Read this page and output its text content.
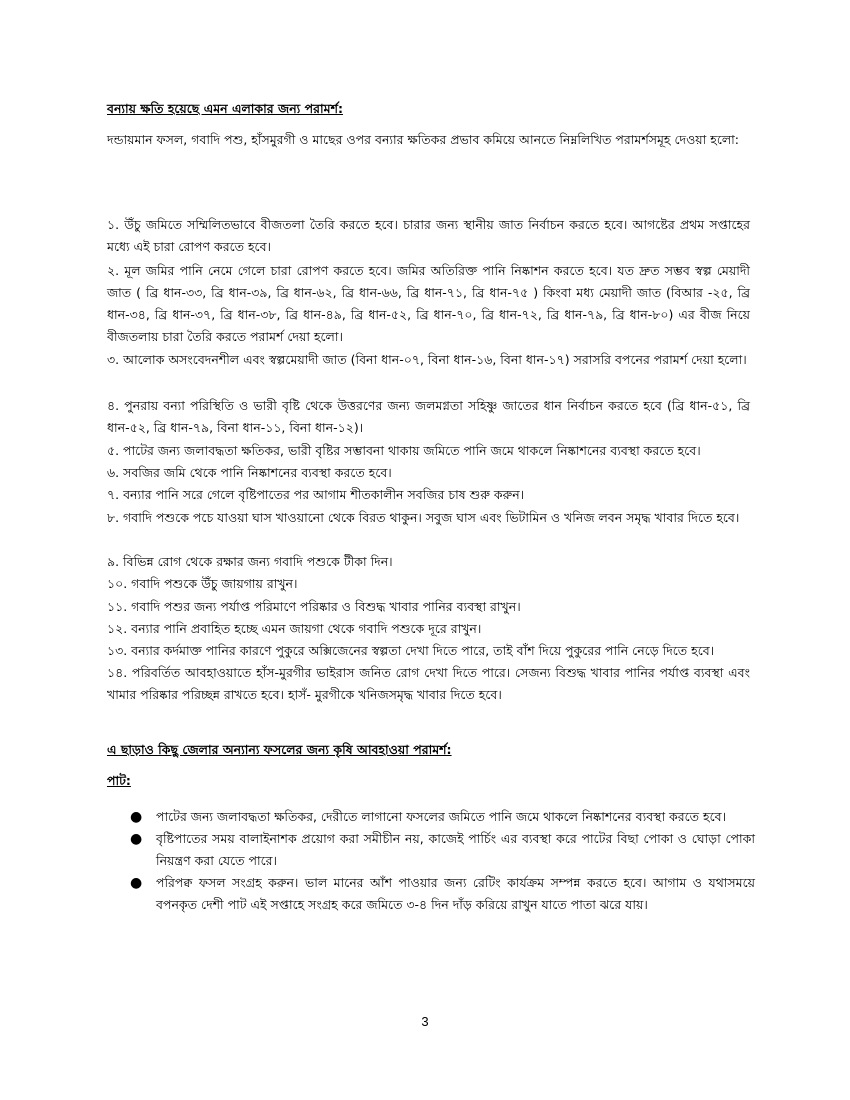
বন্যায় ক্ষতি হয়েছে এমন এলাকার জন্য পরামর্শ:
দন্ডায়মান ফসল, গবাদি পশু, হাঁসমুরগী ও মাছের ওপর বন্যার ক্ষতিকর প্রভাব কমিয়ে আনতে নিম্নলিখিত পরামর্শসমূহ দেওয়া হলো:
১. উঁচু জমিতে সম্মিলিতভাবে বীজতলা তৈরি করতে হবে। চারার জন্য স্থানীয় জাত নির্বাচন করতে হবে। আগষ্টের প্রথম সপ্তাহের মধ্যে এই চারা রোপণ করতে হবে।
২. মূল জমির পানি নেমে গেলে চারা রোপণ করতে হবে। জমির অতিরিক্ত পানি নিষ্কাশন করতে হবে। যত দ্রুত সম্ভব স্বল্প মেয়াদী জাত ( ব্রি ধান-৩৩, ব্রি ধান-৩৯, ব্রি ধান-৬২, ব্রি ধান-৬৬, ব্রি ধান-৭১, ব্রি ধান-৭৫ ) কিংবা মধ্য মেয়াদী জাত (বিআর -২৫, ব্রি ধান-৩৪, ব্রি ধান-৩৭, ব্রি ধান-৩৮, ব্রি ধান-৪৯, ব্রি ধান-৫২, ব্রি ধান-৭০, ব্রি ধান-৭২, ব্রি ধান-৭৯, ব্রি ধান-৮০) এর বীজ নিয়ে বীজতলায় চারা তৈরি করতে পরামর্শ দেয়া হলো।
৩. আলোক অসংবেদনশীল এবং স্বল্পমেয়াদী জাত (বিনা ধান-০৭, বিনা ধান-১৬, বিনা ধান-১৭) সরাসরি বপনের পরামর্শ দেয়া হলো।
৪. পুনরায় বন্যা পরিস্থিতি ও ভারী বৃষ্টি থেকে উত্তরণের জন্য জলমগ্নতা সহিষ্ণু জাতের ধান নির্বাচন করতে হবে (ব্রি ধান-৫১, ব্রি ধান-৫২, ব্রি ধান-৭৯, বিনা ধান-১১, বিনা ধান-১২)।
৫. পাটের জন্য জলাবদ্ধতা ক্ষতিকর, ভারী বৃষ্টির সম্ভাবনা থাকায় জমিতে পানি জমে থাকলে নিষ্কাশনের ব্যবস্থা করতে হবে।
৬. সবজির জমি থেকে পানি নিষ্কাশনের ব্যবস্থা করতে হবে।
৭. বন্যার পানি সরে গেলে বৃষ্টিপাতের পর আগাম শীতকালীন সবজির চাষ শুরু করুন।
৮. গবাদি পশুকে পচে যাওয়া ঘাস খাওয়ানো থেকে বিরত থাকুন। সবুজ ঘাস এবং ভিটামিন ও খনিজ লবন সমৃদ্ধ খাবার দিতে হবে।
৯. বিভিন্ন রোগ থেকে রক্ষার জন্য গবাদি পশুকে টীকা দিন।
১০. গবাদি পশুকে উঁচু জায়গায় রাখুন।
১১. গবাদি পশুর জন্য পর্যাপ্ত পরিমাণে পরিষ্কার ও বিশুদ্ধ খাবার পানির ব্যবস্থা রাখুন।
১২. বন্যার পানি প্রবাহিত হচ্ছে এমন জায়গা থেকে গবাদি পশুকে দূরে রাখুন।
১৩. বন্যার কর্দমাক্ত পানির কারণে পুকুরে অক্সিজেনের স্বল্পতা দেখা দিতে পারে, তাই বাঁশ দিয়ে পুকুরের পানি নেড়ে দিতে হবে।
১৪. পরিবর্তিত আবহাওয়াতে হাঁস-মুরগীর ভাইরাস জনিত রোগ দেখা দিতে পারে। সেজন্য বিশুদ্ধ খাবার পানির পর্যাপ্ত ব্যবস্থা এবং খামার পরিষ্কার পরিচ্ছন্ন রাখতে হবে। হাসঁ- মুরগীকে খনিজসমৃদ্ধ খাবার দিতে হবে।
এ ছাড়াও কিছু জেলার অন্যান্য ফসলের জন্য কৃষি আবহাওয়া পরামর্শ:
পাট:
●	পাটের জন্য জলাবদ্ধতা ক্ষতিকর, দেরীতে লাগানো ফসলের জমিতে পানি জমে থাকলে নিষ্কাশনের ব্যবস্থা করতে হবে।
●	বৃষ্টিপাতের সময় বালাইনাশক প্রয়োগ করা সমীচীন নয়, কাজেই পার্চিং এর ব্যবস্থা করে পাটের বিছা পোকা ও ঘোড়া পোকা নিয়ন্ত্রণ করা যেতে পারে।
●	পরিপক্ব ফসল সংগ্রহ করুন। ভাল মানের আঁশ পাওয়ার জন্য রেটিং কার্যক্রম সম্পন্ন করতে হবে। আগাম ও যথাসময়ে বপনকৃত দেশী পাট এই সপ্তাহে সংগ্রহ করে জমিতে ৩-৪ দিন দাঁড় করিয়ে রাখুন যাতে পাতা ঝরে যায়।
3
